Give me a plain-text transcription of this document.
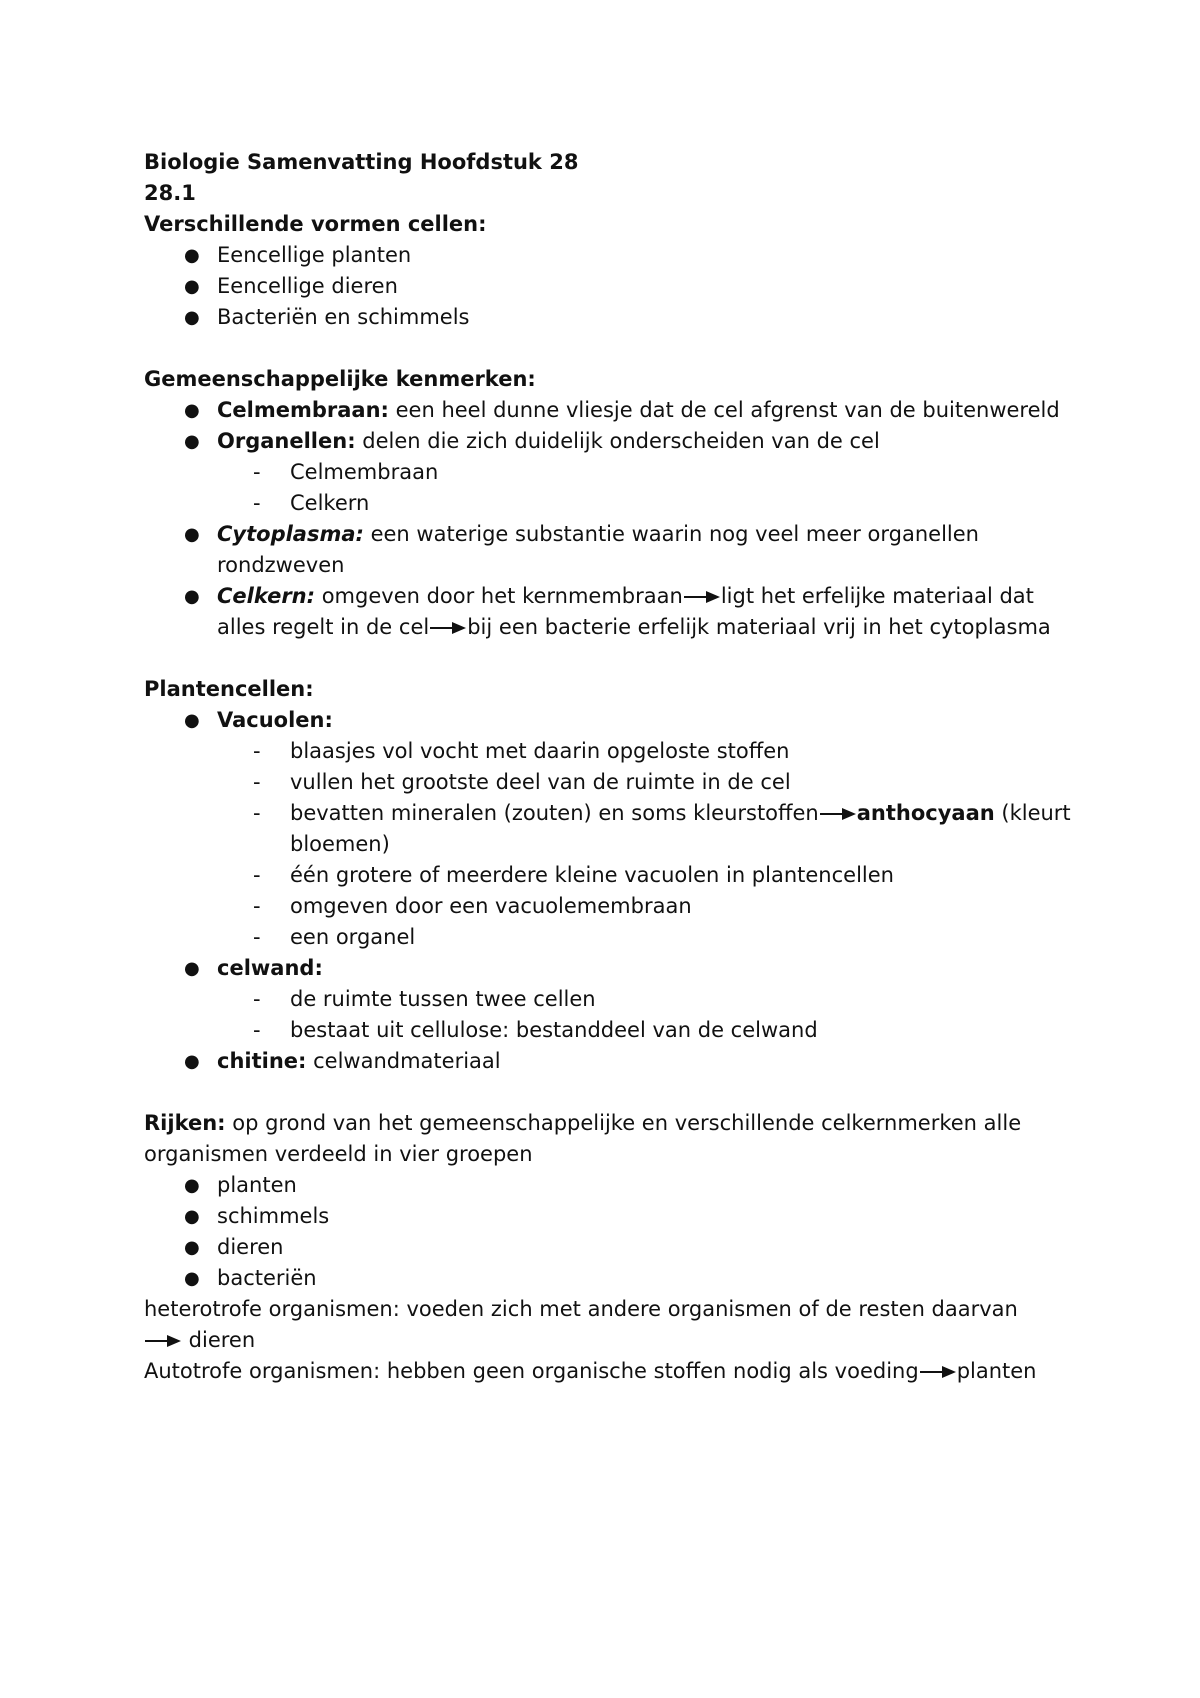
Biologie Samenvatting Hoofdstuk 28
28.1
Verschillende vormen cellen:
● Eencellige planten
● Eencellige dieren
● Bacteriën en schimmels
Gemeenschappelijke kenmerken:
● Celmembraan: een heel dunne vliesje dat de cel afgrenst van de buitenwereld
● Organellen: delen die zich duidelijk onderscheiden van de cel
- Celmembraan
- Celkern
● Cytoplasma: een waterige substantie waarin nog veel meer organellen rondzweven
● Celkern: omgeven door het kernmembraan ligt het erfelijke materiaal dat alles regelt in de cel bij een bacterie erfelijk materiaal vrij in het cytoplasma
Plantencellen:
● Vacuolen:
- blaasjes vol vocht met daarin opgeloste stoffen
- vullen het grootste deel van de ruimte in de cel
- bevatten mineralen (zouten) en soms kleurstoffen anthocyaan (kleurt bloemen)
- één grotere of meerdere kleine vacuolen in plantencellen
- omgeven door een vacuolemembraan
- een organel
● celwand:
- de ruimte tussen twee cellen
- bestaat uit cellulose: bestanddeel van de celwand
● chitine: celwandmateriaal
Rijken: op grond van het gemeenschappelijke en verschillende celkernmerken alle organismen verdeeld in vier groepen
● planten
● schimmels
● dieren
● bacteriën
heterotrofe organismen: voeden zich met andere organismen of de resten daarvan
dieren
Autotrofe organismen: hebben geen organische stoffen nodig als voeding planten
